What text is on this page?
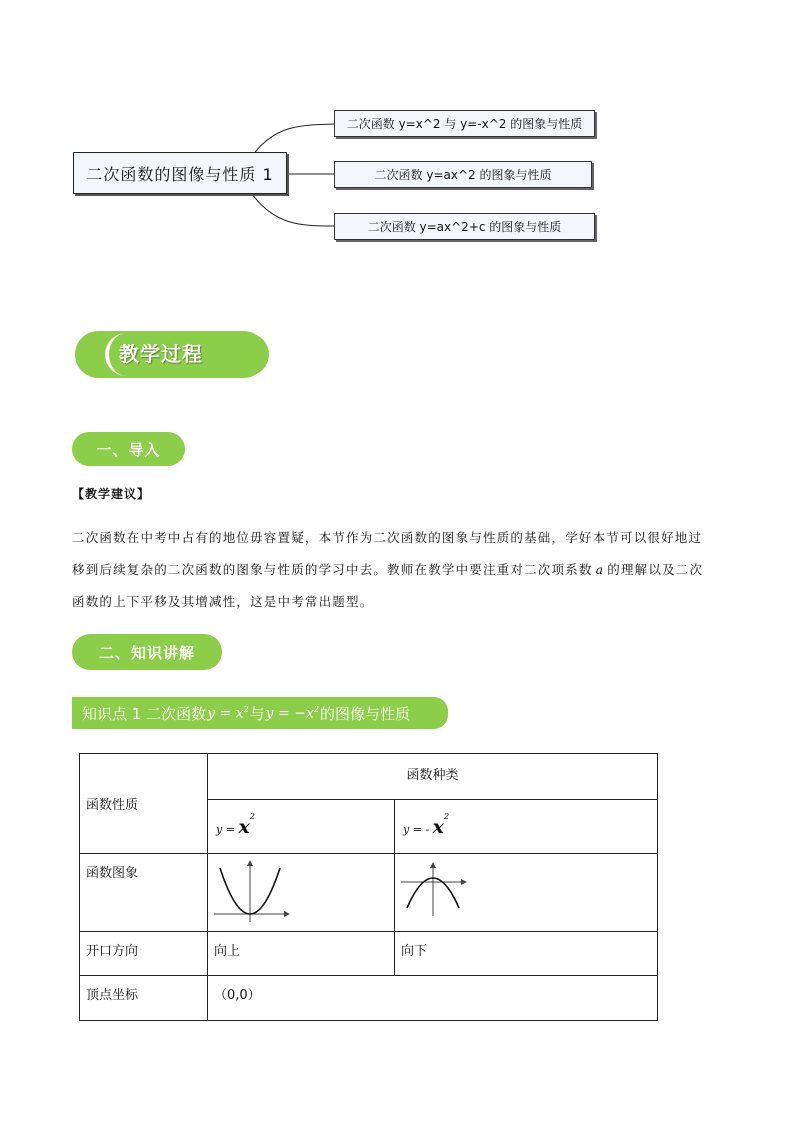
二次函数的图像与性质 1
二次函数 y=x^2 与 y=-x^2 的图象与性质
二次函数 y=ax^2 的图象与性质
二次函数 y=ax^2+c 的图象与性质
教学过程
一、导入
【教学建议】
二次函数在中考中占有的地位毋容置疑，本节作为二次函数的图象与性质的基础，学好本节可以很好地过
移到后续复杂的二次函数的图象与性质的学习中去。教师在教学中要注重对二次项系数 a 的理解以及二次
函数的上下平移及其增减性，这是中考常出题型。
二、知识讲解
知识点 1 二次函数 $y = x^2$ 与 $y = -x^2$ 的图像与性质
函数性质	函数种类	

	$y = x^2$	y = - $x^2$

函数图象

开口方向	向上	向下

顶点坐标	（0,0）	
